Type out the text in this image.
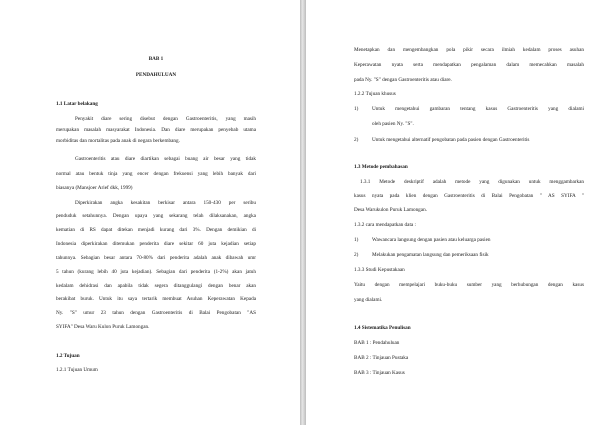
BAB 1
PENDAHULUAN
1.1 Latar belakang
Penyakit diare sering disebut dengan Gastroenteritis, yang masih
merupakan masalah masyarakat Indonesia. Dan diare merupakan penyebab utama
morbiditas dan mortalitas pada anak di negara berkembang.
Gastroenteritis atau diare diartikan sebagai buang air besar yang tidak
normal atau bentuk tinja yang encer dengan frekuensi yang lebih banyak dari
biasanya (Mansjoer Arief dkk, 1999)
Diperkirakan angka kesakitan berkisar antara 150-430 per seribu
penduduk setahunnya. Dengan upaya yang sekarang telah dilaksanakan, angka
kematian di RS dapat ditekan menjadi kurang dari 3%. Dengan demikian di
Indonesia diperkirakan ditemukan penderita diare sekitar 60 juta kejadian setiap
tahunnya. Sebagian besar antara 70-80% dari penderita adalah anak dibawah umr
5 tahun (kurang lebih 40 juta kejadian). Sebagian dari penderita (1-2%) akan jatuh
kedalam dehidrasi dan apabila tidak segera ditanggulangi dengan benar akan
berakibat buruk. Untuk itu saya tertarik membuat Asuhan Keperawatan Kepada
Ny. "S" umur 23 tahun dengan Gastroenteritis di Balai Pengobatan "AS
SYIFA" Desa Waru Kulon Puruk Lamongan.
1.2 Tujuan
1.2.1 Tujuan Umum
Menetapkan dan mengembangkan pola pikir secara ilmiah kedalam proses asuhan
Keperawatan nyata serta mendapatkan pengalaman dalam memecahkan masalah
pada Ny. "S" dengan Gastroenteritis atau diare.
1.2.2 Tujuan khusus
1)	Untuk mengetahui gambaran tentang kasus Gastroenteritis yang dialami
oleh pasien Ny. "S".
2)	Untuk mengetahui alternatif pengobatan pada pasien dengan Gastroenteritis
1.3 Metode pembahasan
1.3.1 Metode deskriptif adalah metode yang digunakan untuk menggambarkan
kasus nyata pada klien dengan Gastroenteritis di Balai Pengobatan " AS SYIFA "
Desa Warukulon Puruk Lamongan.
1.3.2 cara mendapatkan data :
1)	Wawancara langsung dengan pasien atau keluarga pasien
2)	Melakukan pengamatan langsung dan pemeriksaan fisik
1.3.3 Studi Kepustakaan
Yaitu dengan mempelajari buku-buku sumber yang berhubungan dengan kasus
yang dialami.
1.4 Sistematika Penulisan
BAB 1 : Pendahuluan
BAB 2 : Tinjauan Pustaka
BAB 3 : Tinjauan Kasus
